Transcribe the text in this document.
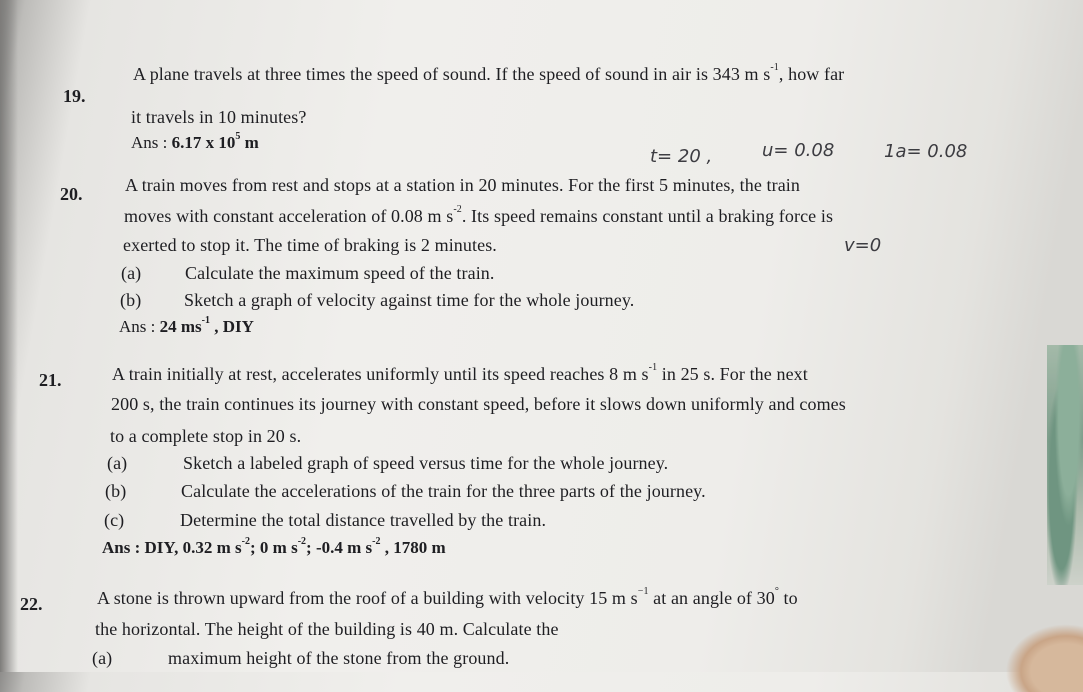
19.
A plane travels at three times the speed of sound. If the speed of sound in air is 343 m $s^{-1}$, how far
it travels in 10 minutes?
Ans : 6.17 x $10^5$ m
t= 20 ,	u= 0.08	1a= 0.08
v=0
20. A train moves from rest and stops at a station in 20 minutes. For the first 5 minutes, the train
moves with constant acceleration of 0.08 m $s^{-2}$. Its speed remains constant until a braking force is
exerted to stop it. The time of braking is 2 minutes.
(a) Calculate the maximum speed of the train.
(b) Sketch a graph of velocity against time for the whole journey.
Ans : 24 $ms^{-1}$ , DIY
21.	A train initially at rest, accelerates uniformly until its speed reaches 8 m $s^{-1}$ in 25 s. For the next
200 s, the train continues its journey with constant speed, before it slows down uniformly and comes
to a complete stop in 20 s.
(a)	Sketch a labeled graph of speed versus time for the whole journey.
(b)	Calculate the accelerations of the train for the three parts of the journey.
(c)	Determine the total distance travelled by the train.
Ans : DIY, 0.32 m $s^{-2}$; 0 m $s^{-2}$; -0.4 m $s^{-2}$ , 1780 m
22.	A stone is thrown upward from the roof of a building with velocity 15 m $s^{-1}$ at an angle of 30° to
the horizontal. The height of the building is 40 m. Calculate the
(a)	maximum height of the stone from the ground.
